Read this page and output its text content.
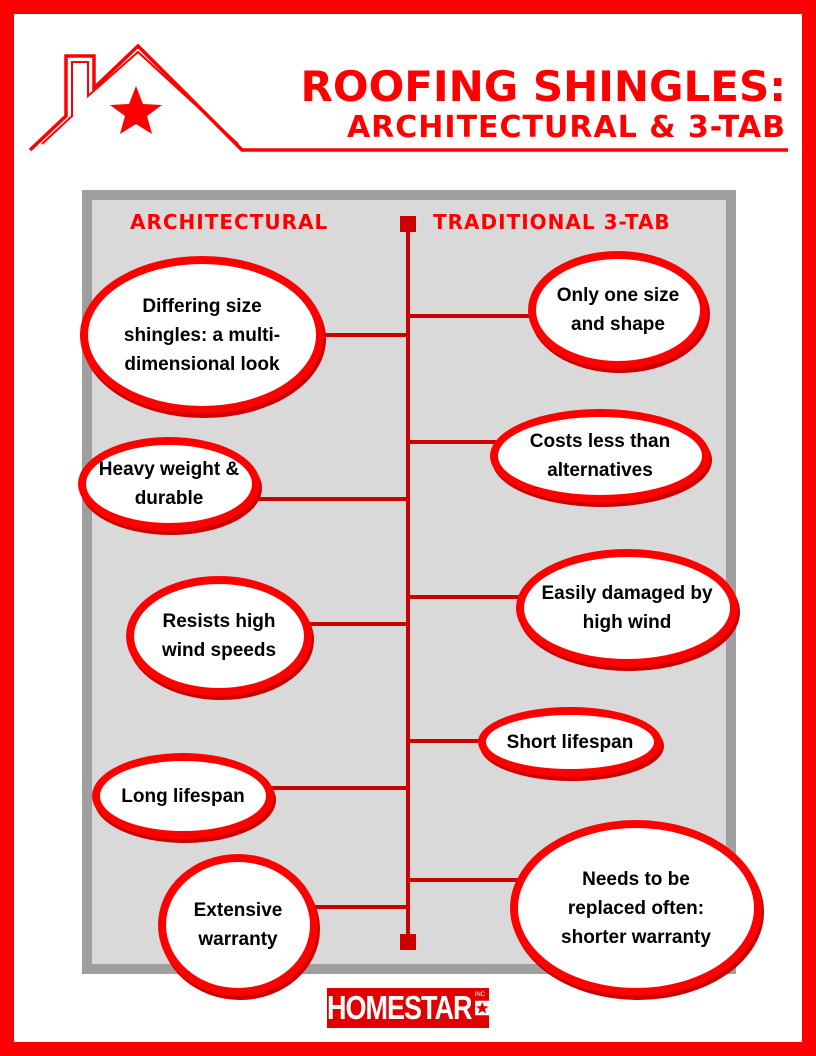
ROOFING SHINGLES:
ARCHITECTURAL & 3-TAB
ARCHITECTURAL	TRADITIONAL 3-TAB
Differing size shingles: a multi-dimensional look
Heavy weight & durable
Resists high wind speeds
Long lifespan
Extensive warranty
Only one size and shape
Costs less than alternatives
Easily damaged by high wind
Short lifespan
Needs to be replaced often: shorter warranty
HOMESTAR INC
